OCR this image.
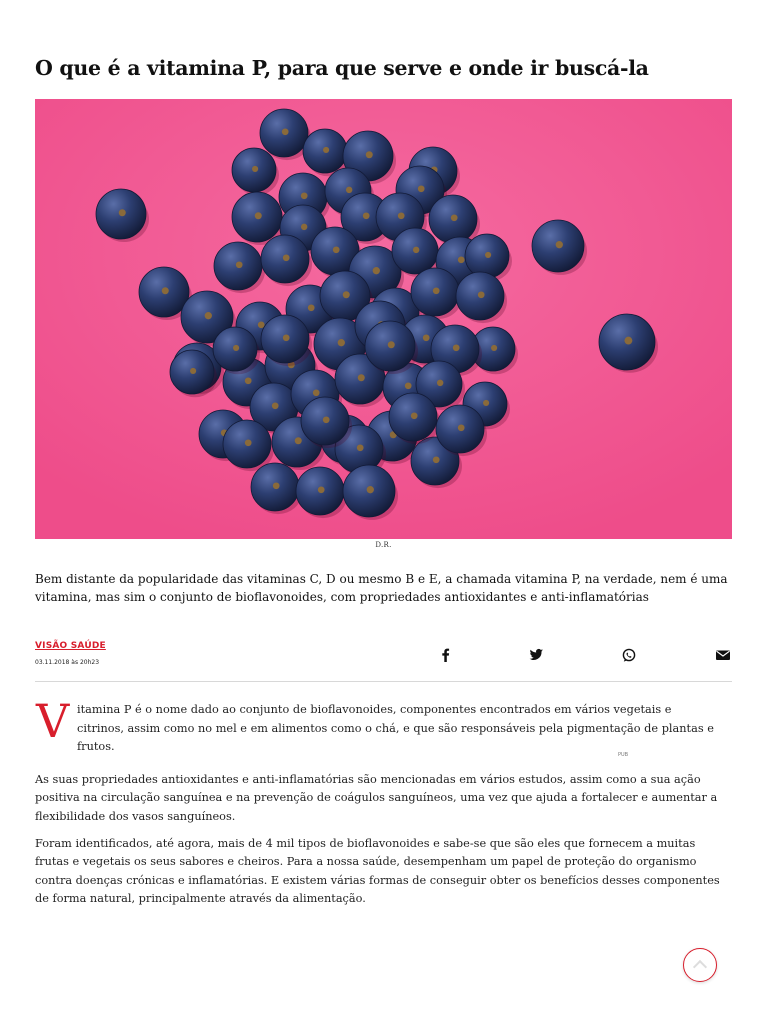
O que é a vitamina P, para que serve e onde ir buscá-la
D.R.

Bem distante da popularidade das vitaminas C, D ou mesmo B e E, a chamada vitamina P, na verdade, nem é uma vitamina, mas sim o conjunto de bioflavonoides, com propriedades antioxidantes e anti-inflamatórias

VISÃO SAÚDE
03.11.2018 às 20h23
V itamina P é o nome dado ao conjunto de bioflavonoides, componentes encontrados em vários vegetais e citrinos, assim como no mel e em alimentos como o chá, e que são responsáveis pela pigmentação de plantas e frutos.

PUB

As suas propriedades antioxidantes e anti-inflamatórias são mencionadas em vários estudos, assim como a sua ação positiva na circulação sanguínea e na prevenção de coágulos sanguíneos, uma vez que ajuda a fortalecer e aumentar a flexibilidade dos vasos sanguíneos.

Foram identificados, até agora, mais de 4 mil tipos de bioflavonoides e sabe-se que são eles que fornecem a muitas frutas e vegetais os seus sabores e cheiros. Para a nossa saúde, desempenham um papel de proteção do organismo contra doenças crónicas e inflamatórias. E existem várias formas de conseguir obter os benefícios desses componentes de forma natural, principalmente através da alimentação.
